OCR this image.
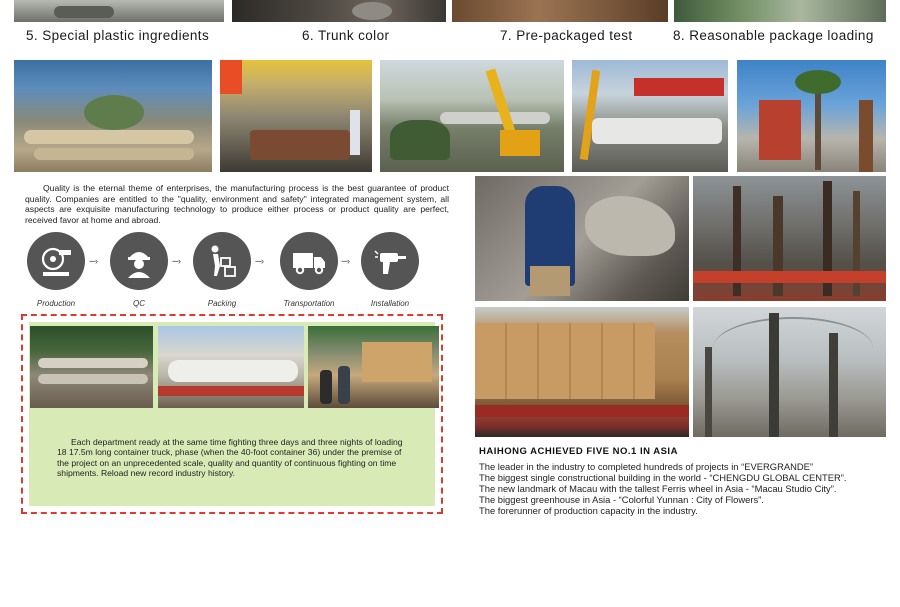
5. Special plastic ingredients	6. Trunk color	7. Pre-packaged test	8. Reasonable package loading
Quality is the eternal theme of enterprises, the manufacturing process is the best guarantee of product quality. Companies are entitled to the "quality, environment and safety" integrated management system, all aspects are exquisite manufacturing technology to produce either process or product quality are perfect, received favor at home and abroad.
‑‑‑›	‑‑‑›	‑‑‑›	‑‑‑›
Production	QC	Packing	Transportation	Installation
Each department ready at the same time fighting three days and three nights of loading 18 17.5m long container truck, phase (when the 40-foot container 36) under the premise of the project on an unprecedented scale, quality and quantity of continuous fighting on time shipments. Reload new record industry history.
HAIHONG ACHIEVED FIVE NO.1 IN ASIA
The leader in the industry to completed hundreds of projects in “EVERGRANDE”
The biggest single constructional building in the world - “CHENGDU GLOBAL CENTER”.
The new landmark of Macau with the tallest Ferris wheel in Asia - “Macau Studio City”.
The biggest greenhouse in Asia - “Colorful Yunnan : City of Flowers”.
The forerunner of production capacity in the industry.
